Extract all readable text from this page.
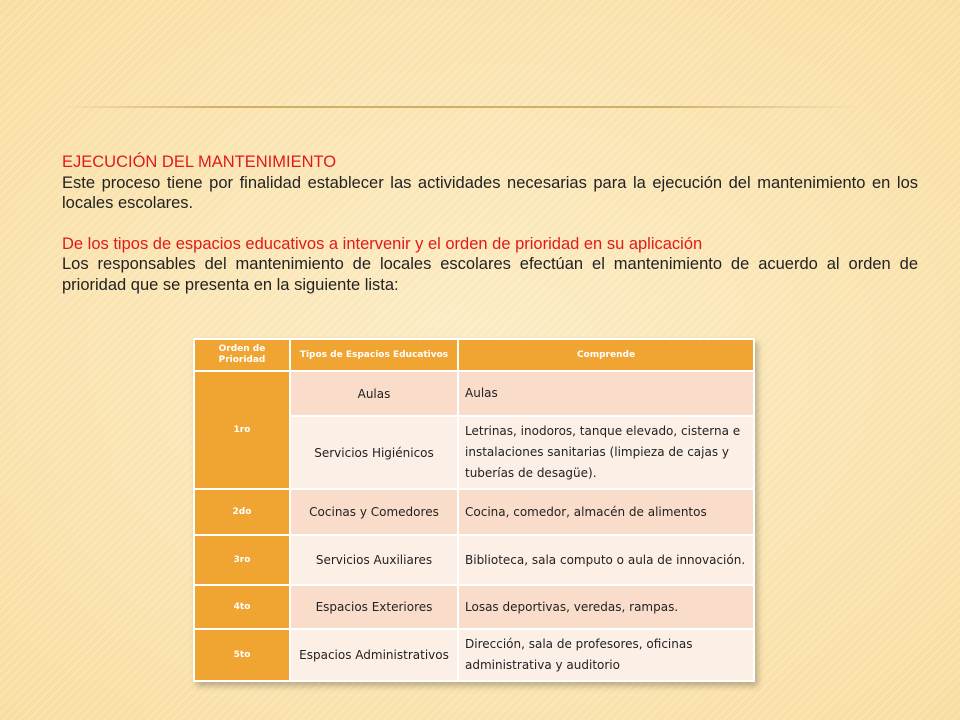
EJECUCIÓN DEL MANTENIMIENTO

Este proceso tiene por finalidad establecer las actividades necesarias para la ejecución del mantenimiento en los locales escolares.

De los tipos de espacios educativos a intervenir y el orden de prioridad en su aplicación

Los responsables del mantenimiento de locales escolares efectúan el mantenimiento de acuerdo al orden de prioridad que se presenta en la siguiente lista:

Orden de Prioridad	Tipos de Espacios Educativos	Comprende
1ro	Aulas	Aulas
	Servicios Higiénicos	Letrinas, inodoros, tanque elevado, cisterna e instalaciones sanitarias (limpieza de cajas y tuberías de desagüe).
2do	Cocinas y Comedores	Cocina, comedor, almacén de alimentos
3ro	Servicios Auxiliares	Biblioteca, sala computo o aula de innovación.
4to	Espacios Exteriores	Losas deportivas, veredas, rampas.
5to	Espacios Administrativos	Dirección, sala de profesores, oficinas administrativa y auditorio
